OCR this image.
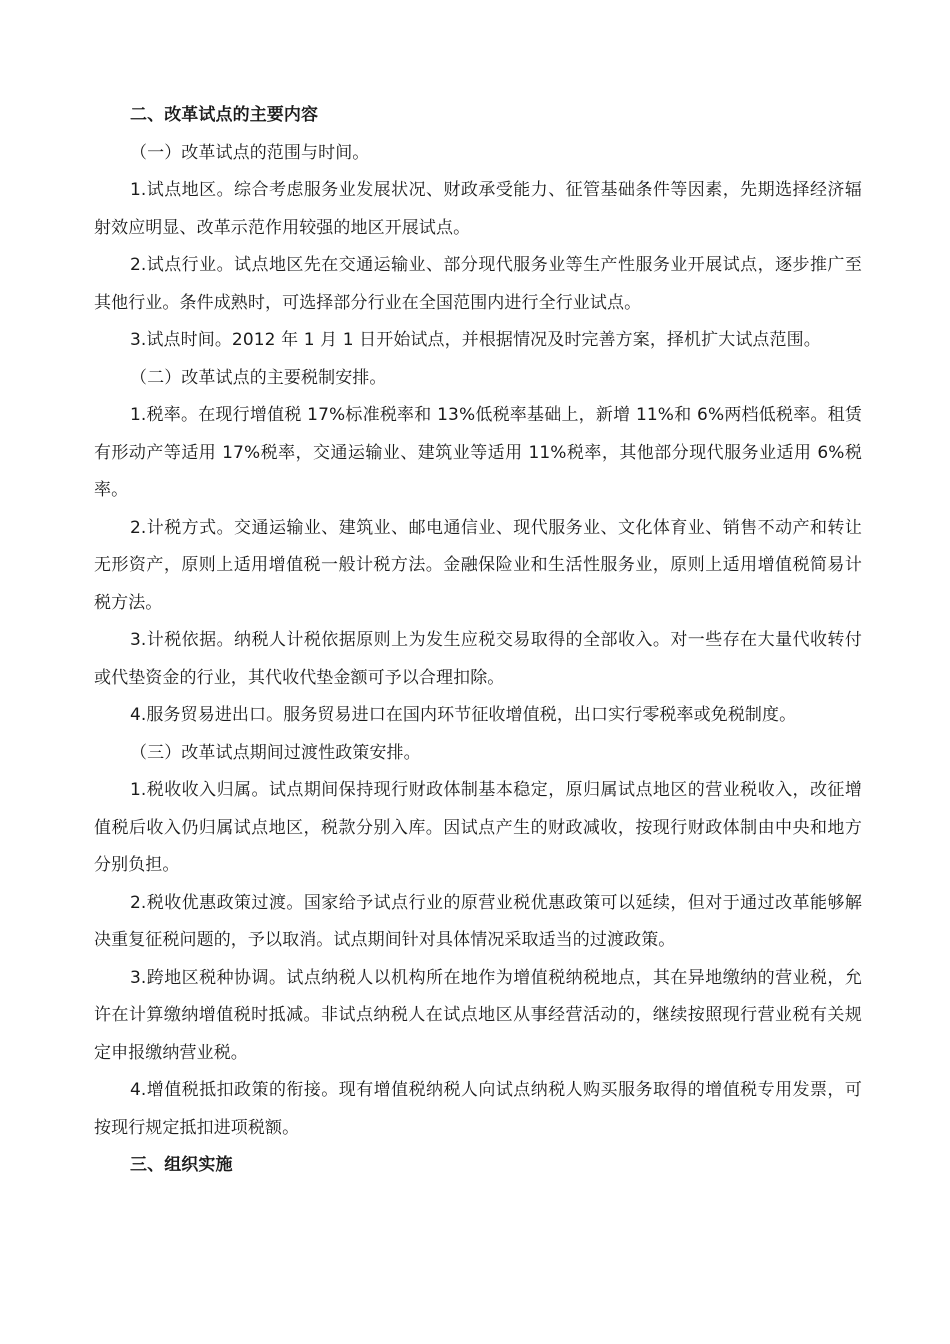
二、改革试点的主要内容

（一）改革试点的范围与时间。

1.试点地区。综合考虑服务业发展状况、财政承受能力、征管基础条件等因素，先期选择经济辐射效应明显、改革示范作用较强的地区开展试点。

2.试点行业。试点地区先在交通运输业、部分现代服务业等生产性服务业开展试点，逐步推广至其他行业。条件成熟时，可选择部分行业在全国范围内进行全行业试点。

3.试点时间。2012 年 1 月 1 日开始试点，并根据情况及时完善方案，择机扩大试点范围。

（二）改革试点的主要税制安排。

1.税率。在现行增值税 17%标准税率和 13%低税率基础上，新增 11%和 6%两档低税率。租赁有形动产等适用 17%税率，交通运输业、建筑业等适用 11%税率，其他部分现代服务业适用 6%税率。

2.计税方式。交通运输业、建筑业、邮电通信业、现代服务业、文化体育业、销售不动产和转让无形资产，原则上适用增值税一般计税方法。金融保险业和生活性服务业，原则上适用增值税简易计税方法。

3.计税依据。纳税人计税依据原则上为发生应税交易取得的全部收入。对一些存在大量代收转付或代垫资金的行业，其代收代垫金额可予以合理扣除。

4.服务贸易进出口。服务贸易进口在国内环节征收增值税，出口实行零税率或免税制度。

（三）改革试点期间过渡性政策安排。

1.税收收入归属。试点期间保持现行财政体制基本稳定，原归属试点地区的营业税收入，改征增值税后收入仍归属试点地区，税款分别入库。因试点产生的财政减收，按现行财政体制由中央和地方分别负担。

2.税收优惠政策过渡。国家给予试点行业的原营业税优惠政策可以延续，但对于通过改革能够解决重复征税问题的，予以取消。试点期间针对具体情况采取适当的过渡政策。

3.跨地区税种协调。试点纳税人以机构所在地作为增值税纳税地点，其在异地缴纳的营业税，允许在计算缴纳增值税时抵减。非试点纳税人在试点地区从事经营活动的，继续按照现行营业税有关规定申报缴纳营业税。

4.增值税抵扣政策的衔接。现有增值税纳税人向试点纳税人购买服务取得的增值税专用发票，可按现行规定抵扣进项税额。

三、组织实施
